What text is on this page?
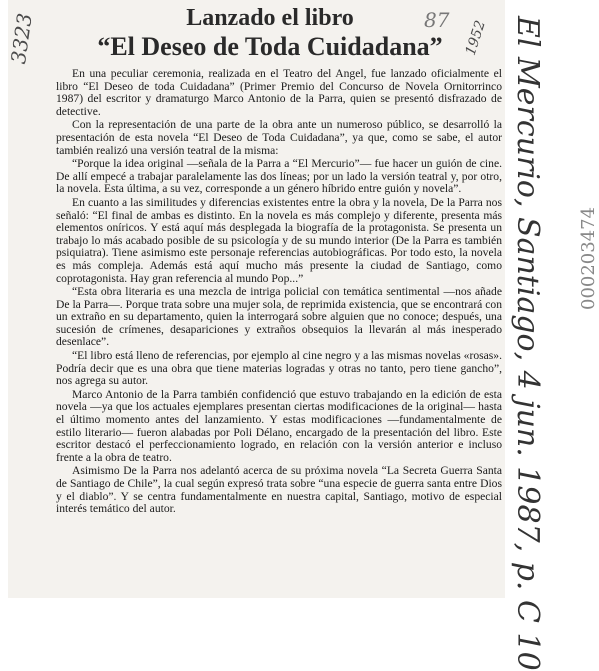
Lanzado el libro
“El Deseo de Toda Cuidadana”

En una peculiar ceremonia, realizada en el Teatro del Angel, fue lanzado oficialmente el libro “El Deseo de toda Cuidadana” (Primer Premio del Concurso de Novela Ornitorrinco 1987) del escritor y dramaturgo Marco Antonio de la Parra, quien se presentó disfrazado de detective.

Con la representación de una parte de la obra ante un numeroso público, se desarrolló la presentación de esta novela “El Deseo de Toda Cuidadana”, ya que, como se sabe, el autor también realizó una versión teatral de la misma:

“Porque la idea original —señala de la Parra a “El Mercurio”— fue hacer un guión de cine. De allí empecé a trabajar paralelamente las dos líneas; por un lado la versión teatral y, por otro, la novela. Esta última, a su vez, corresponde a un género híbrido entre guión y novela”.

En cuanto a las similitudes y diferencias existentes entre la obra y la novela, De la Parra nos señaló: “El final de ambas es distinto. En la novela es más complejo y diferente, presenta más elementos oníricos. Y está aquí más desplegada la biografía de la protagonista. Se presenta un trabajo lo más acabado posible de su psicología y de su mundo interior (De la Parra es también psiquiatra). Tiene asimismo este personaje referencias autobiográficas. Por todo esto, la novela es más compleja. Además está aquí mucho más presente la ciudad de Santiago, como coprotagonista. Hay gran referencia al mundo Pop...”

“Esta obra literaria es una mezcla de intriga policial con temática sentimental —nos añade De la Parra—. Porque trata sobre una mujer sola, de reprimida existencia, que se encontrará con un extraño en su departamento, quien la interrogará sobre alguien que no conoce; después, una sucesión de crímenes, desapariciones y extraños obsequios la llevarán al más inesperado desenlace”.

“El libro está lleno de referencias, por ejemplo al cine negro y a las mismas novelas «rosas». Podría decir que es una obra que tiene materias logradas y otras no tanto, pero tiene gancho”, nos agrega su autor.

Marco Antonio de la Parra también confidenció que estuvo trabajando en la edición de esta novela —ya que los actuales ejemplares presentan ciertas modificaciones de la original— hasta el último momento antes del lanzamiento. Y estas modificaciones —fundamentalmente de estilo literario— fueron alabadas por Poli Délano, encargado de la presentación del libro. Este escritor destacó el perfeccionamiento logrado, en relación con la versión anterior e incluso frente a la obra de teatro.

Asimismo De la Parra nos adelantó acerca de su próxima novela “La Secreta Guerra Santa de Santiago de Chile”, la cual según expresó trata sobre “una especie de guerra santa entre Dios y el diablo”. Y se centra fundamentalmente en nuestra capital, Santiago, motivo de especial interés temático del autor.

3323	87 1952 El Mercurio, Santiago, 4 jun. 1987, p. C 10 000203474
